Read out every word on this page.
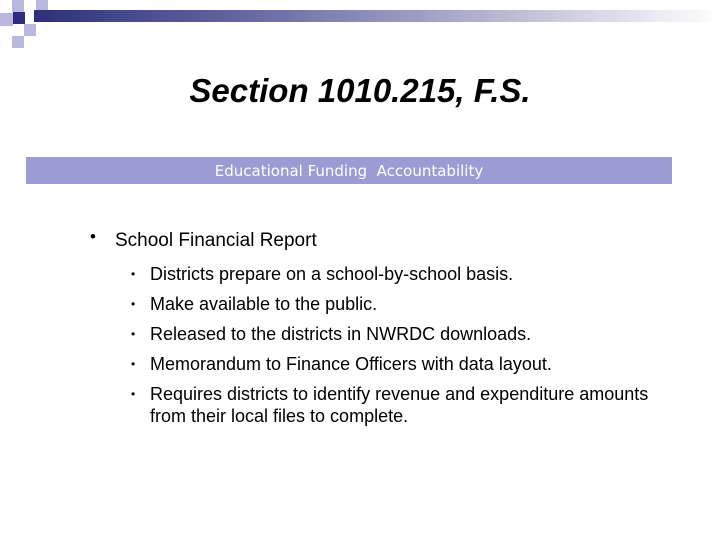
Section 1010.215, F.S.
Educational Funding  Accountability
• School Financial Report
• Districts prepare on a school-by-school basis.
• Make available to the public.
• Released to the districts in NWRDC downloads.
• Memorandum to Finance Officers with data layout.
• Requires districts to identify revenue and expenditure amounts from their local files to complete.
